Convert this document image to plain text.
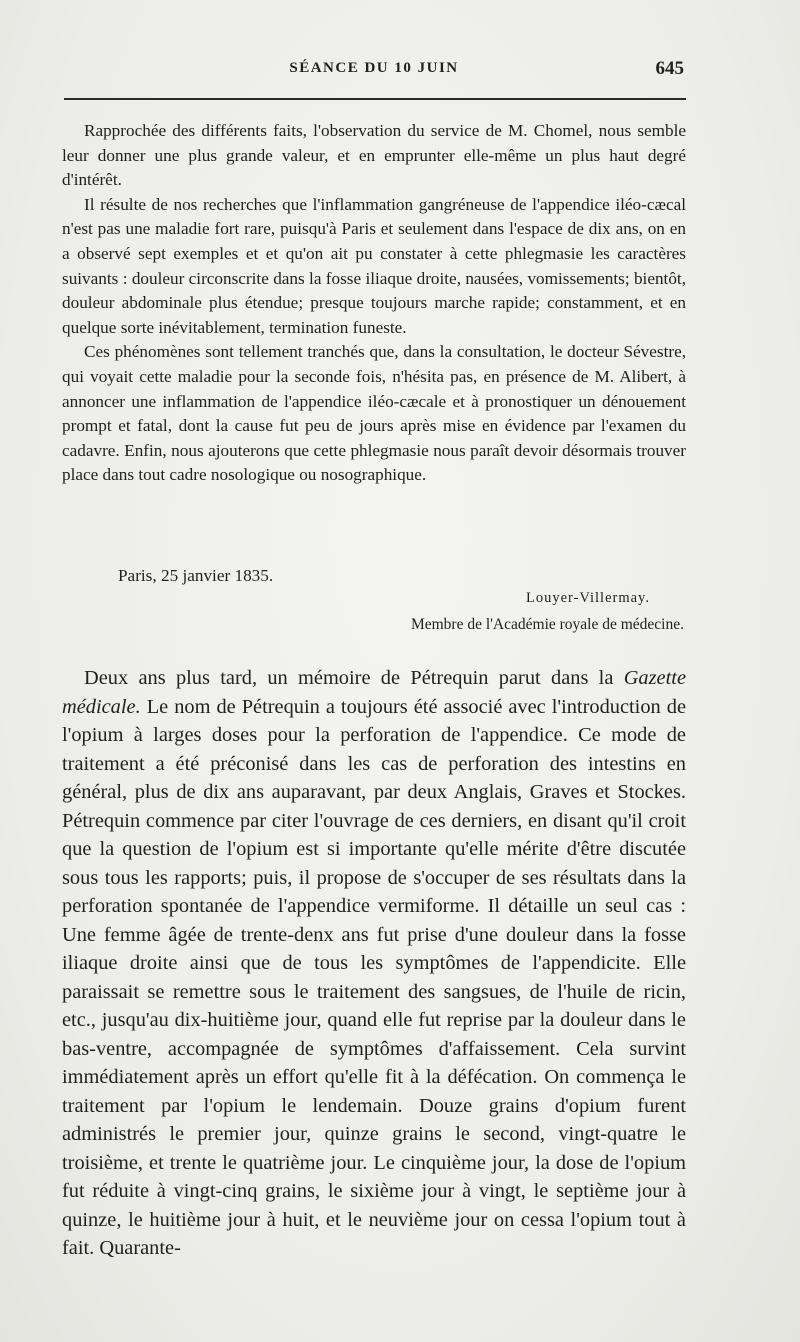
SÉANCE DU 10 JUIN	645

Rapprochée des différents faits, l'observation du service de M. Chomel, nous semble leur donner une plus grande valeur, et en emprunter elle-même un plus haut degré d'intérêt.

Il résulte de nos recherches que l'inflammation gangréneuse de l'appendice iléo-cæcal n'est pas une maladie fort rare, puisqu'à Paris et seulement dans l'espace de dix ans, on en a observé sept exemples et et qu'on ait pu constater à cette phlegmasie les caractères suivants : douleur circonscrite dans la fosse iliaque droite, nausées, vomissements; bientôt, douleur abdominale plus étendue; presque toujours marche rapide; constamment, et en quelque sorte inévitablement, termination funeste.

Ces phénomènes sont tellement tranchés que, dans la consultation, le docteur Sévestre, qui voyait cette maladie pour la seconde fois, n'hésita pas, en présence de M. Alibert, à annoncer une inflammation de l'appendice iléo-cæcale et à pronostiquer un dénouement prompt et fatal, dont la cause fut peu de jours après mise en évidence par l'examen du cadavre. Enfin, nous ajouterons que cette phlegmasie nous paraît devoir désormais trouver place dans tout cadre nosologique ou nosographique.

Paris, 25 janvier 1835.
Louyer-Villermay.
Membre de l'Académie royale de médecine.

Deux ans plus tard, un mémoire de Pétrequin parut dans la Gazette médicale. Le nom de Pétrequin a toujours été associé avec l'introduction de l'opium à larges doses pour la perforation de l'appendice. Ce mode de traitement a été préconisé dans les cas de perforation des intestins en général, plus de dix ans auparavant, par deux Anglais, Graves et Stockes. Pétrequin commence par citer l'ouvrage de ces derniers, en disant qu'il croit que la question de l'opium est si importante qu'elle mérite d'être discutée sous tous les rapports; puis, il propose de s'occuper de ses résultats dans la perforation spontanée de l'appendice vermiforme. Il détaille un seul cas : Une femme âgée de trente-denx ans fut prise d'une douleur dans la fosse iliaque droite ainsi que de tous les symptômes de l'appendicite. Elle paraissait se remettre sous le traitement des sangsues, de l'huile de ricin, etc., jusqu'au dix-huitième jour, quand elle fut reprise par la douleur dans le bas-ventre, accompagnée de symptômes d'affaissement. Cela survint immédiatement après un effort qu'elle fit à la défécation. On commença le traitement par l'opium le lendemain. Douze grains d'opium furent administrés le premier jour, quinze grains le second, vingt-quatre le troisième, et trente le quatrième jour. Le cinquième jour, la dose de l'opium fut réduite à vingt-cinq grains, le sixième jour à vingt, le septième jour à quinze, le huitième jour à huit, et le neuvième jour on cessa l'opium tout à fait. Quarante-
